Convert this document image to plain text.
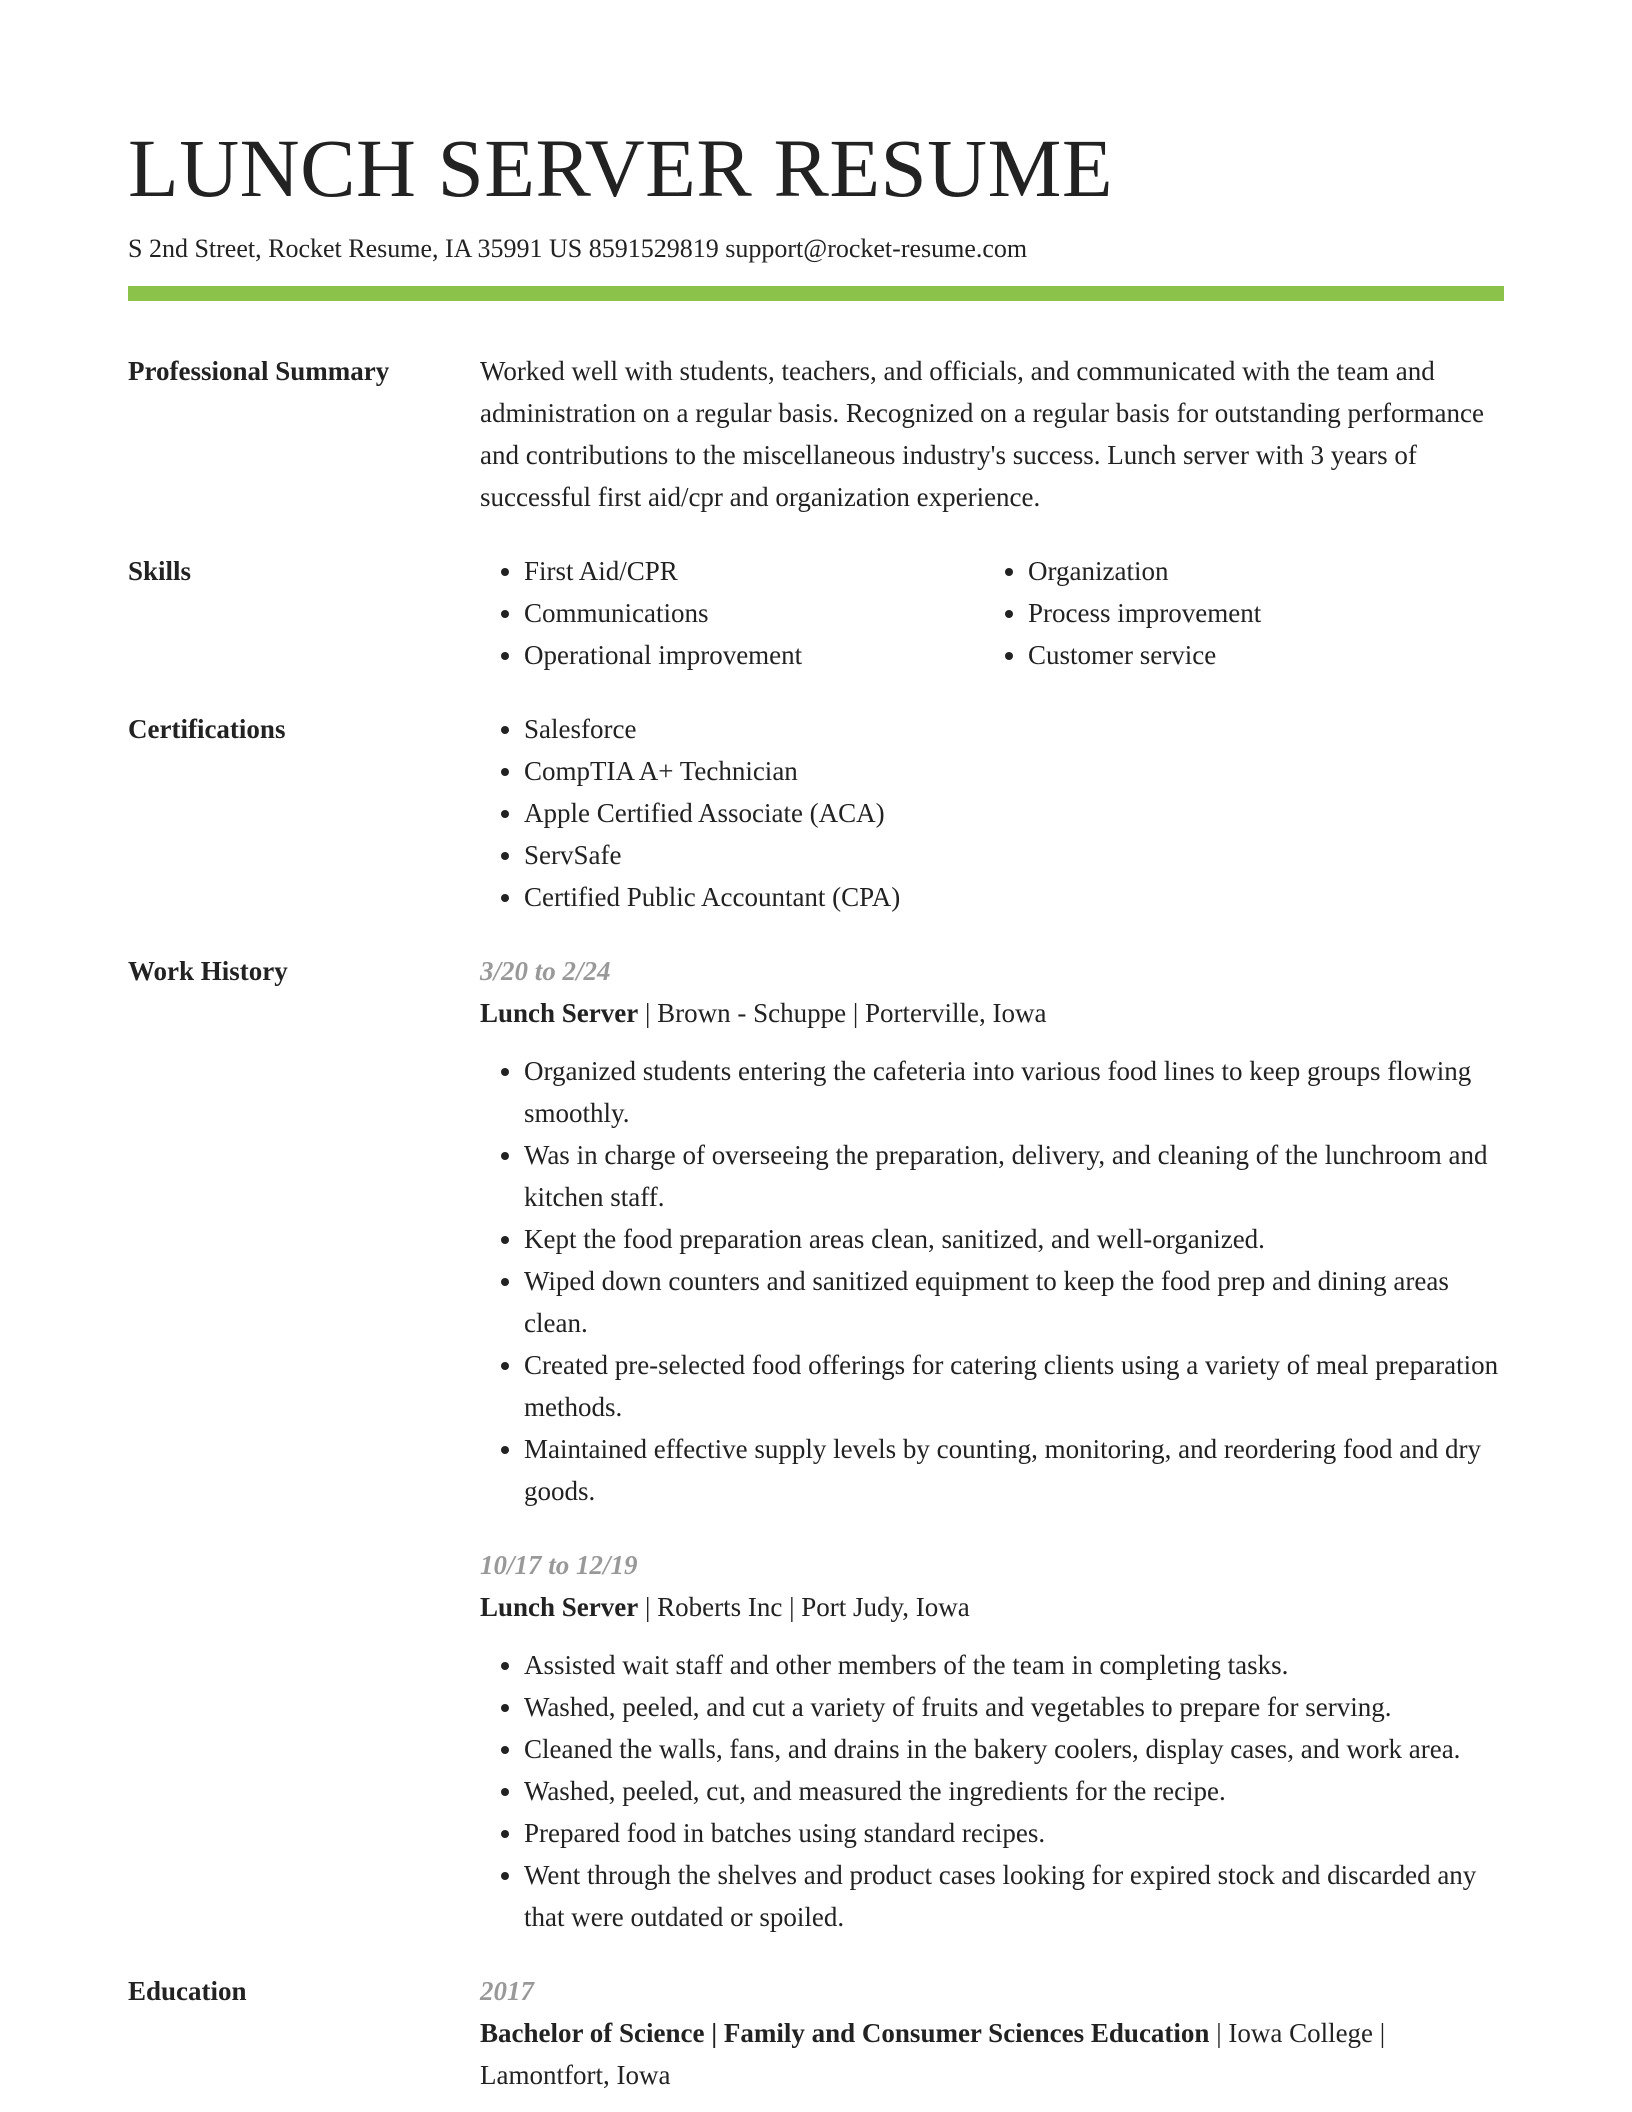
LUNCH SERVER RESUME
S 2nd Street, Rocket Resume, IA 35991 US 8591529819 support@rocket-resume.com
Professional Summary	Worked well with students, teachers, and officials, and communicated with the team and administration on a regular basis. Recognized on a regular basis for outstanding performance and contributions to the miscellaneous industry's success. Lunch server with 3 years of successful first aid/cpr and organization experience.

Skills	• First Aid/CPR
• Communications
• Operational improvement
• Organization
• Process improvement
• Customer service
Certifications	• Salesforce
• CompTIA A+ Technician
• Apple Certified Associate (ACA)
• ServSafe
• Certified Public Accountant (CPA)
Work History	3/20 to 2/24
Lunch Server | Brown - Schuppe | Porterville, Iowa
• Organized students entering the cafeteria into various food lines to keep groups flowing smoothly.
• Was in charge of overseeing the preparation, delivery, and cleaning of the lunchroom and kitchen staff.
• Kept the food preparation areas clean, sanitized, and well-organized.
• Wiped down counters and sanitized equipment to keep the food prep and dining areas clean.
• Created pre-selected food offerings for catering clients using a variety of meal preparation methods.
• Maintained effective supply levels by counting, monitoring, and reordering food and dry goods.
10/17 to 12/19
Lunch Server | Roberts Inc | Port Judy, Iowa
• Assisted wait staff and other members of the team in completing tasks.
• Washed, peeled, and cut a variety of fruits and vegetables to prepare for serving.
• Cleaned the walls, fans, and drains in the bakery coolers, display cases, and work area.
• Washed, peeled, cut, and measured the ingredients for the recipe.
• Prepared food in batches using standard recipes.
• Went through the shelves and product cases looking for expired stock and discarded any that were outdated or spoiled.
Education	2017
Bachelor of Science | Family and Consumer Sciences Education | Iowa College | Lamontfort, Iowa
